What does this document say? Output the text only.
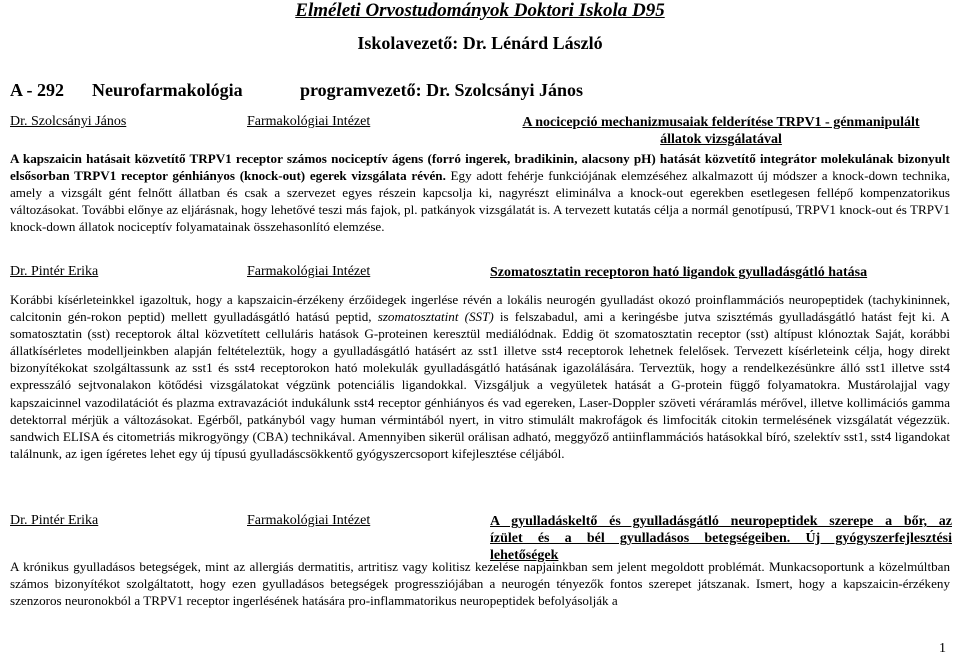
Elméleti Orvostudományok Doktori Iskola D95
Iskolavezető: Dr. Lénárd László
A - 292 Neurofarmakológia	programvezető: Dr. Szolcsányi János
Dr. Szolcsányi János	Farmakológiai Intézet	A nocicepció mechanizmusaiak felderítése TRPV1 - génmanipulált
állatok vizsgálatával
A kapszaicin hatásait közvetítő TRPV1 receptor számos nociceptív ágens (forró ingerek, bradikinin, alacsony pH) hatását közvetítő integrátor molekulának bizonyult elsősorban TRPV1 receptor génhiányos (knock-out) egerek vizsgálata révén. Egy adott fehérje funkciójának elemzéséhez alkalmazott új módszer a knock-down technika, amely a vizsgált gént felnőtt állatban és csak a szervezet egyes részein kapcsolja ki, nagyrészt eliminálva a knock-out egerekben esetlegesen fellépő kompenzatorikus változásokat. További előnye az eljárásnak, hogy lehetővé teszi más fajok, pl. patkányok vizsgálatát is. A tervezett kutatás célja a normál genotípusú, TRPV1 knock-out és TRPV1 knock-down állatok nociceptív folyamatainak összehasonlító elemzése.
Dr. Pintér Erika	Farmakológiai Intézet	Szomatosztatin receptoron ható ligandok gyulladásgátló hatása
Korábbi kísérleteinkkel igazoltuk, hogy a kapszaicin-érzékeny érzőidegek ingerlése révén a lokális neurogén gyulladást okozó proinflammációs neuropeptidek (tachykininnek, calcitonin gén-rokon peptid) mellett gyulladásgátló hatású peptid, szomatosztatint (SST) is felszabadul, ami a keringésbe jutva szisztémás gyulladásgátló hatást fejt ki. A somatosztatin (sst) receptorok által közvetített celluláris hatások G-proteinen keresztül mediálódnak. Eddig öt szomatosztatin receptor (sst) altípust klónoztak Saját, korábbi állatkísérletes modelljeinkben alapján feltételeztük, hogy a gyulladásgátló hatásért az sst1 illetve sst4 receptorok lehetnek felelősek. Tervezett kísérleteink célja, hogy direkt bizonyítékokat szolgáltassunk az sst1 és sst4 receptorokon ható molekulák gyulladásgátló hatásának igazolálására. Terveztük, hogy a rendelkezésünkre álló sst1 illetve sst4 expresszáló sejtvonalakon kötődési vizsgálatokat végzünk potenciális ligandokkal. Vizsgáljuk a vegyületek hatását a G-protein függő folyamatokra. Mustárolajjal vagy kapszaicinnel vazodilatációt és plazma extravazációt indukálunk sst4 receptor génhiányos és vad egereken, Laser-Doppler szöveti véráramlás mérővel, illetve kollimációs gamma detektorral mérjük a változásokat. Egérből, patkányból vagy human vérmintából nyert, in vitro stimulált makrofágok és limfociták citokin termelésének vizsgálatát végezzük. sandwich ELISA és citometriás mikrogyöngy (CBA) technikával. Amennyiben sikerül orálisan adható, meggyőző antiinflammációs hatásokkal bíró, szelektív sst1, sst4 ligandokat találnunk, az igen ígéretes lehet egy új típusú gyulladáscsökkentő gyógyszercsoport kifejlesztése céljából.
Dr. Pintér Erika	Farmakológiai Intézet	A gyulladáskeltő és gyulladásgátló neuropeptidek szerepe a bőr, az
ízület és a bél gyulladásos betegségeiben. Új gyógyszerfejlesztési
lehetőségek
A krónikus gyulladásos betegségek, mint az allergiás dermatitis, artritisz vagy kolitisz kezelése napjainkban sem jelent megoldott problémát. Munkacsoportunk a közelmúltban számos bizonyítékot szolgáltatott, hogy ezen gyulladásos betegségek progressziójában a neurogén tényezők fontos szerepet játszanak. Ismert, hogy a kapszaicin-érzékeny szenzoros neuronokból a TRPV1 receptor ingerlésének hatására pro-inflammatorikus neuropeptidek befolyásolják a
1
